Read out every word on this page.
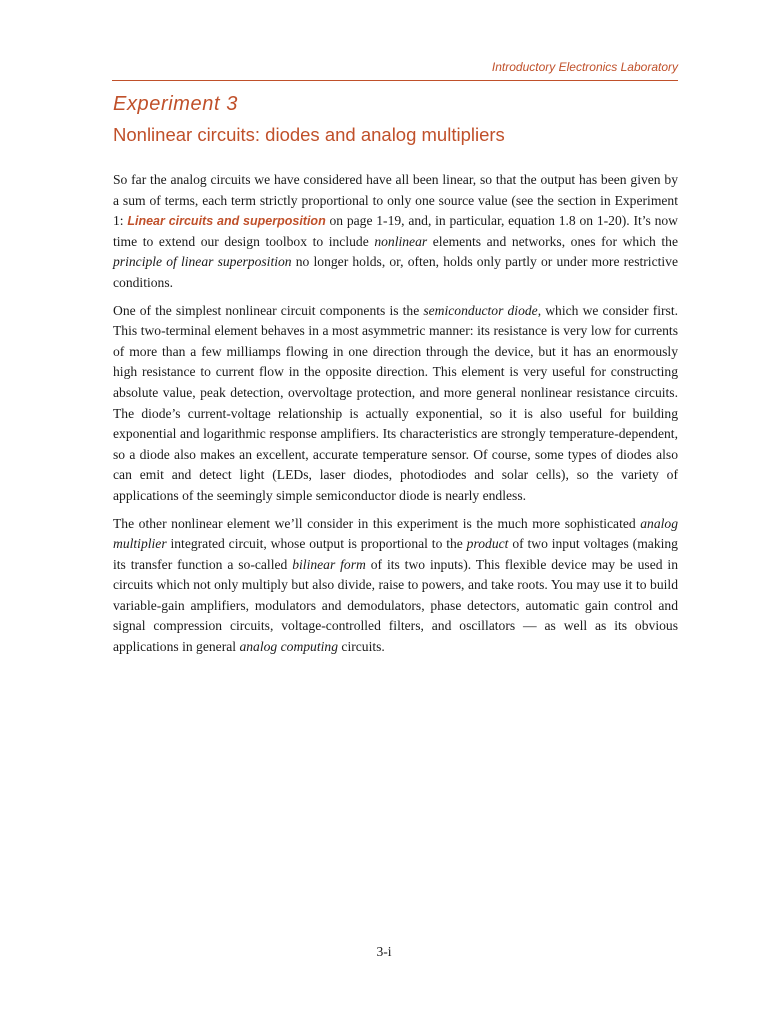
Introductory Electronics Laboratory
Experiment 3
Nonlinear circuits: diodes and analog multipliers

So far the analog circuits we have considered have all been linear, so that the output has been given by a sum of terms, each term strictly proportional to only one source value (see the section in Experiment 1: Linear circuits and superposition on page 1-19, and, in particular, equation 1.8 on 1-20). It’s now time to extend our design toolbox to include nonlinear elements and networks, ones for which the principle of linear superposition no longer holds, or, often, holds only partly or under more restrictive conditions.

One of the simplest nonlinear circuit components is the semiconductor diode, which we consider first. This two-terminal element behaves in a most asymmetric manner: its resistance is very low for currents of more than a few milliamps flowing in one direction through the device, but it has an enormously high resistance to current flow in the opposite direction. This element is very useful for constructing absolute value, peak detection, overvoltage protection, and more general nonlinear resistance circuits. The diode’s current-voltage relationship is actually exponential, so it is also useful for building exponential and logarithmic response amplifiers. Its characteristics are strongly temperature-dependent, so a diode also makes an excellent, accurate temperature sensor. Of course, some types of diodes also can emit and detect light (LEDs, laser diodes, photodiodes and solar cells), so the variety of applications of the seemingly simple semiconductor diode is nearly endless.

The other nonlinear element we’ll consider in this experiment is the much more sophisticated analog multiplier integrated circuit, whose output is proportional to the product of two input voltages (making its transfer function a so-called bilinear form of its two inputs). This flexible device may be used in circuits which not only multiply but also divide, raise to powers, and take roots. You may use it to build variable-gain amplifiers, modulators and demodulators, phase detectors, automatic gain control and signal compression circuits, voltage-controlled filters, and oscillators — as well as its obvious applications in general analog computing circuits.

3-i
